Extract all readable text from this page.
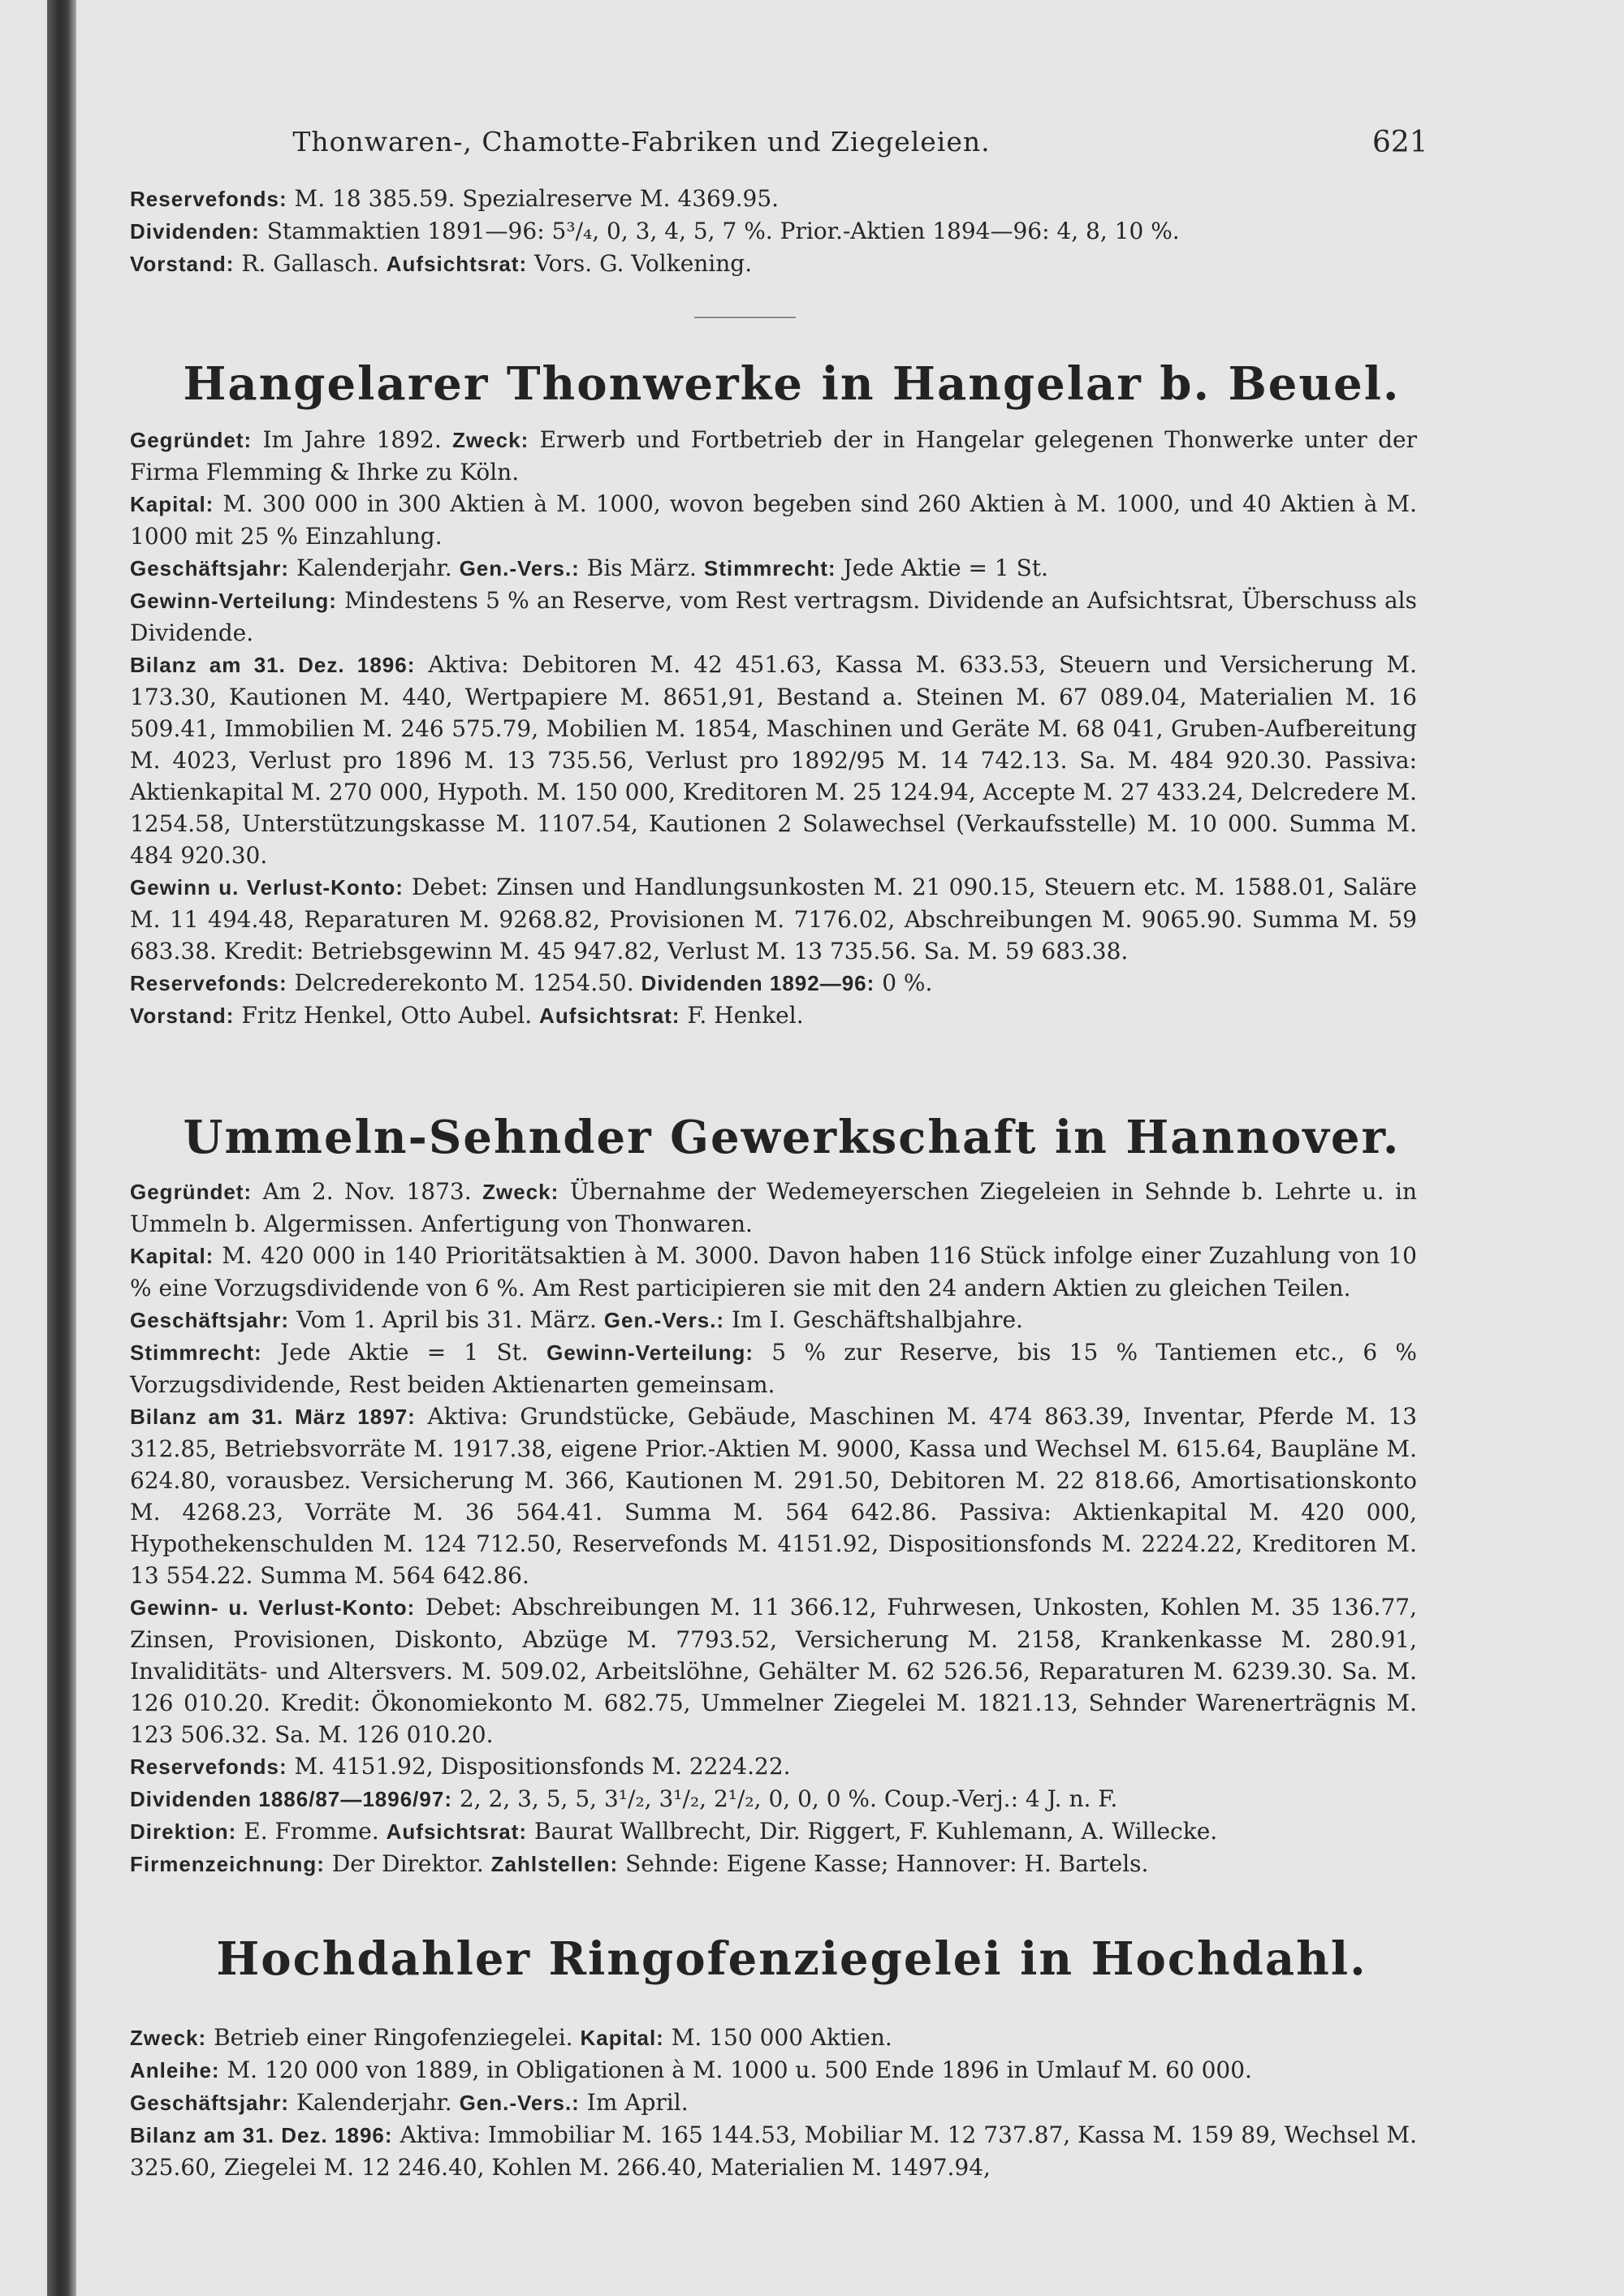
Thonwaren-, Chamotte-Fabriken und Ziegeleien.	621

Reservefonds: M. 18 385.59. Spezialreserve M. 4369.95.

Dividenden: Stammaktien 1891—96: 5³/₄, 0, 3, 4, 5, 7 %. Prior.-Aktien 1894—96: 4, 8, 10 %.

Vorstand: R. Gallasch. Aufsichtsrat: Vors. G. Volkening.

Hangelarer Thonwerke in Hangelar b. Beuel.

Gegründet: Im Jahre 1892. Zweck: Erwerb und Fortbetrieb der in Hangelar gelegenen Thonwerke unter der Firma Flemming & Ihrke zu Köln.

Kapital: M. 300 000 in 300 Aktien à M. 1000, wovon begeben sind 260 Aktien à M. 1000, und 40 Aktien à M. 1000 mit 25 % Einzahlung.

Geschäftsjahr: Kalenderjahr. Gen.-Vers.: Bis März. Stimmrecht: Jede Aktie = 1 St.

Gewinn-Verteilung: Mindestens 5 % an Reserve, vom Rest vertragsm. Dividende an Aufsichtsrat, Überschuss als Dividende.

Bilanz am 31. Dez. 1896: Aktiva: Debitoren M. 42 451.63, Kassa M. 633.53, Steuern und Versicherung M. 173.30, Kautionen M. 440, Wertpapiere M. 8651,91, Bestand a. Steinen M. 67 089.04, Materialien M. 16 509.41, Immobilien M. 246 575.79, Mobilien M. 1854, Maschinen und Geräte M. 68 041, Gruben-Aufbereitung M. 4023, Verlust pro 1896 M. 13 735.56, Verlust pro 1892/95 M. 14 742.13. Sa. M. 484 920.30. Passiva: Aktienkapital M. 270 000, Hypoth. M. 150 000, Kreditoren M. 25 124.94, Accepte M. 27 433.24, Delcredere M. 1254.58, Unterstützungskasse M. 1107.54, Kautionen 2 Solawechsel (Verkaufsstelle) M. 10 000. Summa M. 484 920.30.

Gewinn u. Verlust-Konto: Debet: Zinsen und Handlungsunkosten M. 21 090.15, Steuern etc. M. 1588.01, Saläre M. 11 494.48, Reparaturen M. 9268.82, Provisionen M. 7176.02, Abschreibungen M. 9065.90. Summa M. 59 683.38. Kredit: Betriebsgewinn M. 45 947.82, Verlust M. 13 735.56. Sa. M. 59 683.38.

Reservefonds: Delcrederekonto M. 1254.50. Dividenden 1892—96: 0 %.

Vorstand: Fritz Henkel, Otto Aubel. Aufsichtsrat: F. Henkel.

Ummeln-Sehnder Gewerkschaft in Hannover.

Gegründet: Am 2. Nov. 1873. Zweck: Übernahme der Wedemeyerschen Ziegeleien in Sehnde b. Lehrte u. in Ummeln b. Algermissen. Anfertigung von Thonwaren.

Kapital: M. 420 000 in 140 Prioritätsaktien à M. 3000. Davon haben 116 Stück infolge einer Zuzahlung von 10 % eine Vorzugsdividende von 6 %. Am Rest participieren sie mit den 24 andern Aktien zu gleichen Teilen.

Geschäftsjahr: Vom 1. April bis 31. März. Gen.-Vers.: Im I. Geschäftshalbjahre.

Stimmrecht: Jede Aktie = 1 St. Gewinn-Verteilung: 5 % zur Reserve, bis 15 % Tantiemen etc., 6 % Vorzugsdividende, Rest beiden Aktienarten gemeinsam.

Bilanz am 31. März 1897: Aktiva: Grundstücke, Gebäude, Maschinen M. 474 863.39, Inventar, Pferde M. 13 312.85, Betriebsvorräte M. 1917.38, eigene Prior.-Aktien M. 9000, Kassa und Wechsel M. 615.64, Baupläne M. 624.80, vorausbez. Versicherung M. 366, Kautionen M. 291.50, Debitoren M. 22 818.66, Amortisationskonto M. 4268.23, Vorräte M. 36 564.41. Summa M. 564 642.86. Passiva: Aktienkapital M. 420 000, Hypothekenschulden M. 124 712.50, Reservefonds M. 4151.92, Dispositionsfonds M. 2224.22, Kreditoren M. 13 554.22. Summa M. 564 642.86.

Gewinn- u. Verlust-Konto: Debet: Abschreibungen M. 11 366.12, Fuhrwesen, Unkosten, Kohlen M. 35 136.77, Zinsen, Provisionen, Diskonto, Abzüge M. 7793.52, Versicherung M. 2158, Krankenkasse M. 280.91, Invaliditäts- und Altersvers. M. 509.02, Arbeitslöhne, Gehälter M. 62 526.56, Reparaturen M. 6239.30. Sa. M. 126 010.20. Kredit: Ökonomiekonto M. 682.75, Ummelner Ziegelei M. 1821.13, Sehnder Warenerträgnis M. 123 506.32. Sa. M. 126 010.20.

Reservefonds: M. 4151.92, Dispositionsfonds M. 2224.22.

Dividenden 1886/87—1896/97: 2, 2, 3, 5, 5, 3¹/₂, 3¹/₂, 2¹/₂, 0, 0, 0 %. Coup.-Verj.: 4 J. n. F.

Direktion: E. Fromme. Aufsichtsrat: Baurat Wallbrecht, Dir. Riggert, F. Kuhlemann, A. Willecke.

Firmenzeichnung: Der Direktor. Zahlstellen: Sehnde: Eigene Kasse; Hannover: H. Bartels.

Hochdahler Ringofenziegelei in Hochdahl.

Zweck: Betrieb einer Ringofenziegelei. Kapital: M. 150 000 Aktien.

Anleihe: M. 120 000 von 1889, in Obligationen à M. 1000 u. 500 Ende 1896 in Umlauf M. 60 000.

Geschäftsjahr: Kalenderjahr. Gen.-Vers.: Im April.

Bilanz am 31. Dez. 1896: Aktiva: Immobiliar M. 165 144.53, Mobiliar M. 12 737.87, Kassa M. 159 89, Wechsel M. 325.60, Ziegelei M. 12 246.40, Kohlen M. 266.40, Materialien M. 1497.94,
